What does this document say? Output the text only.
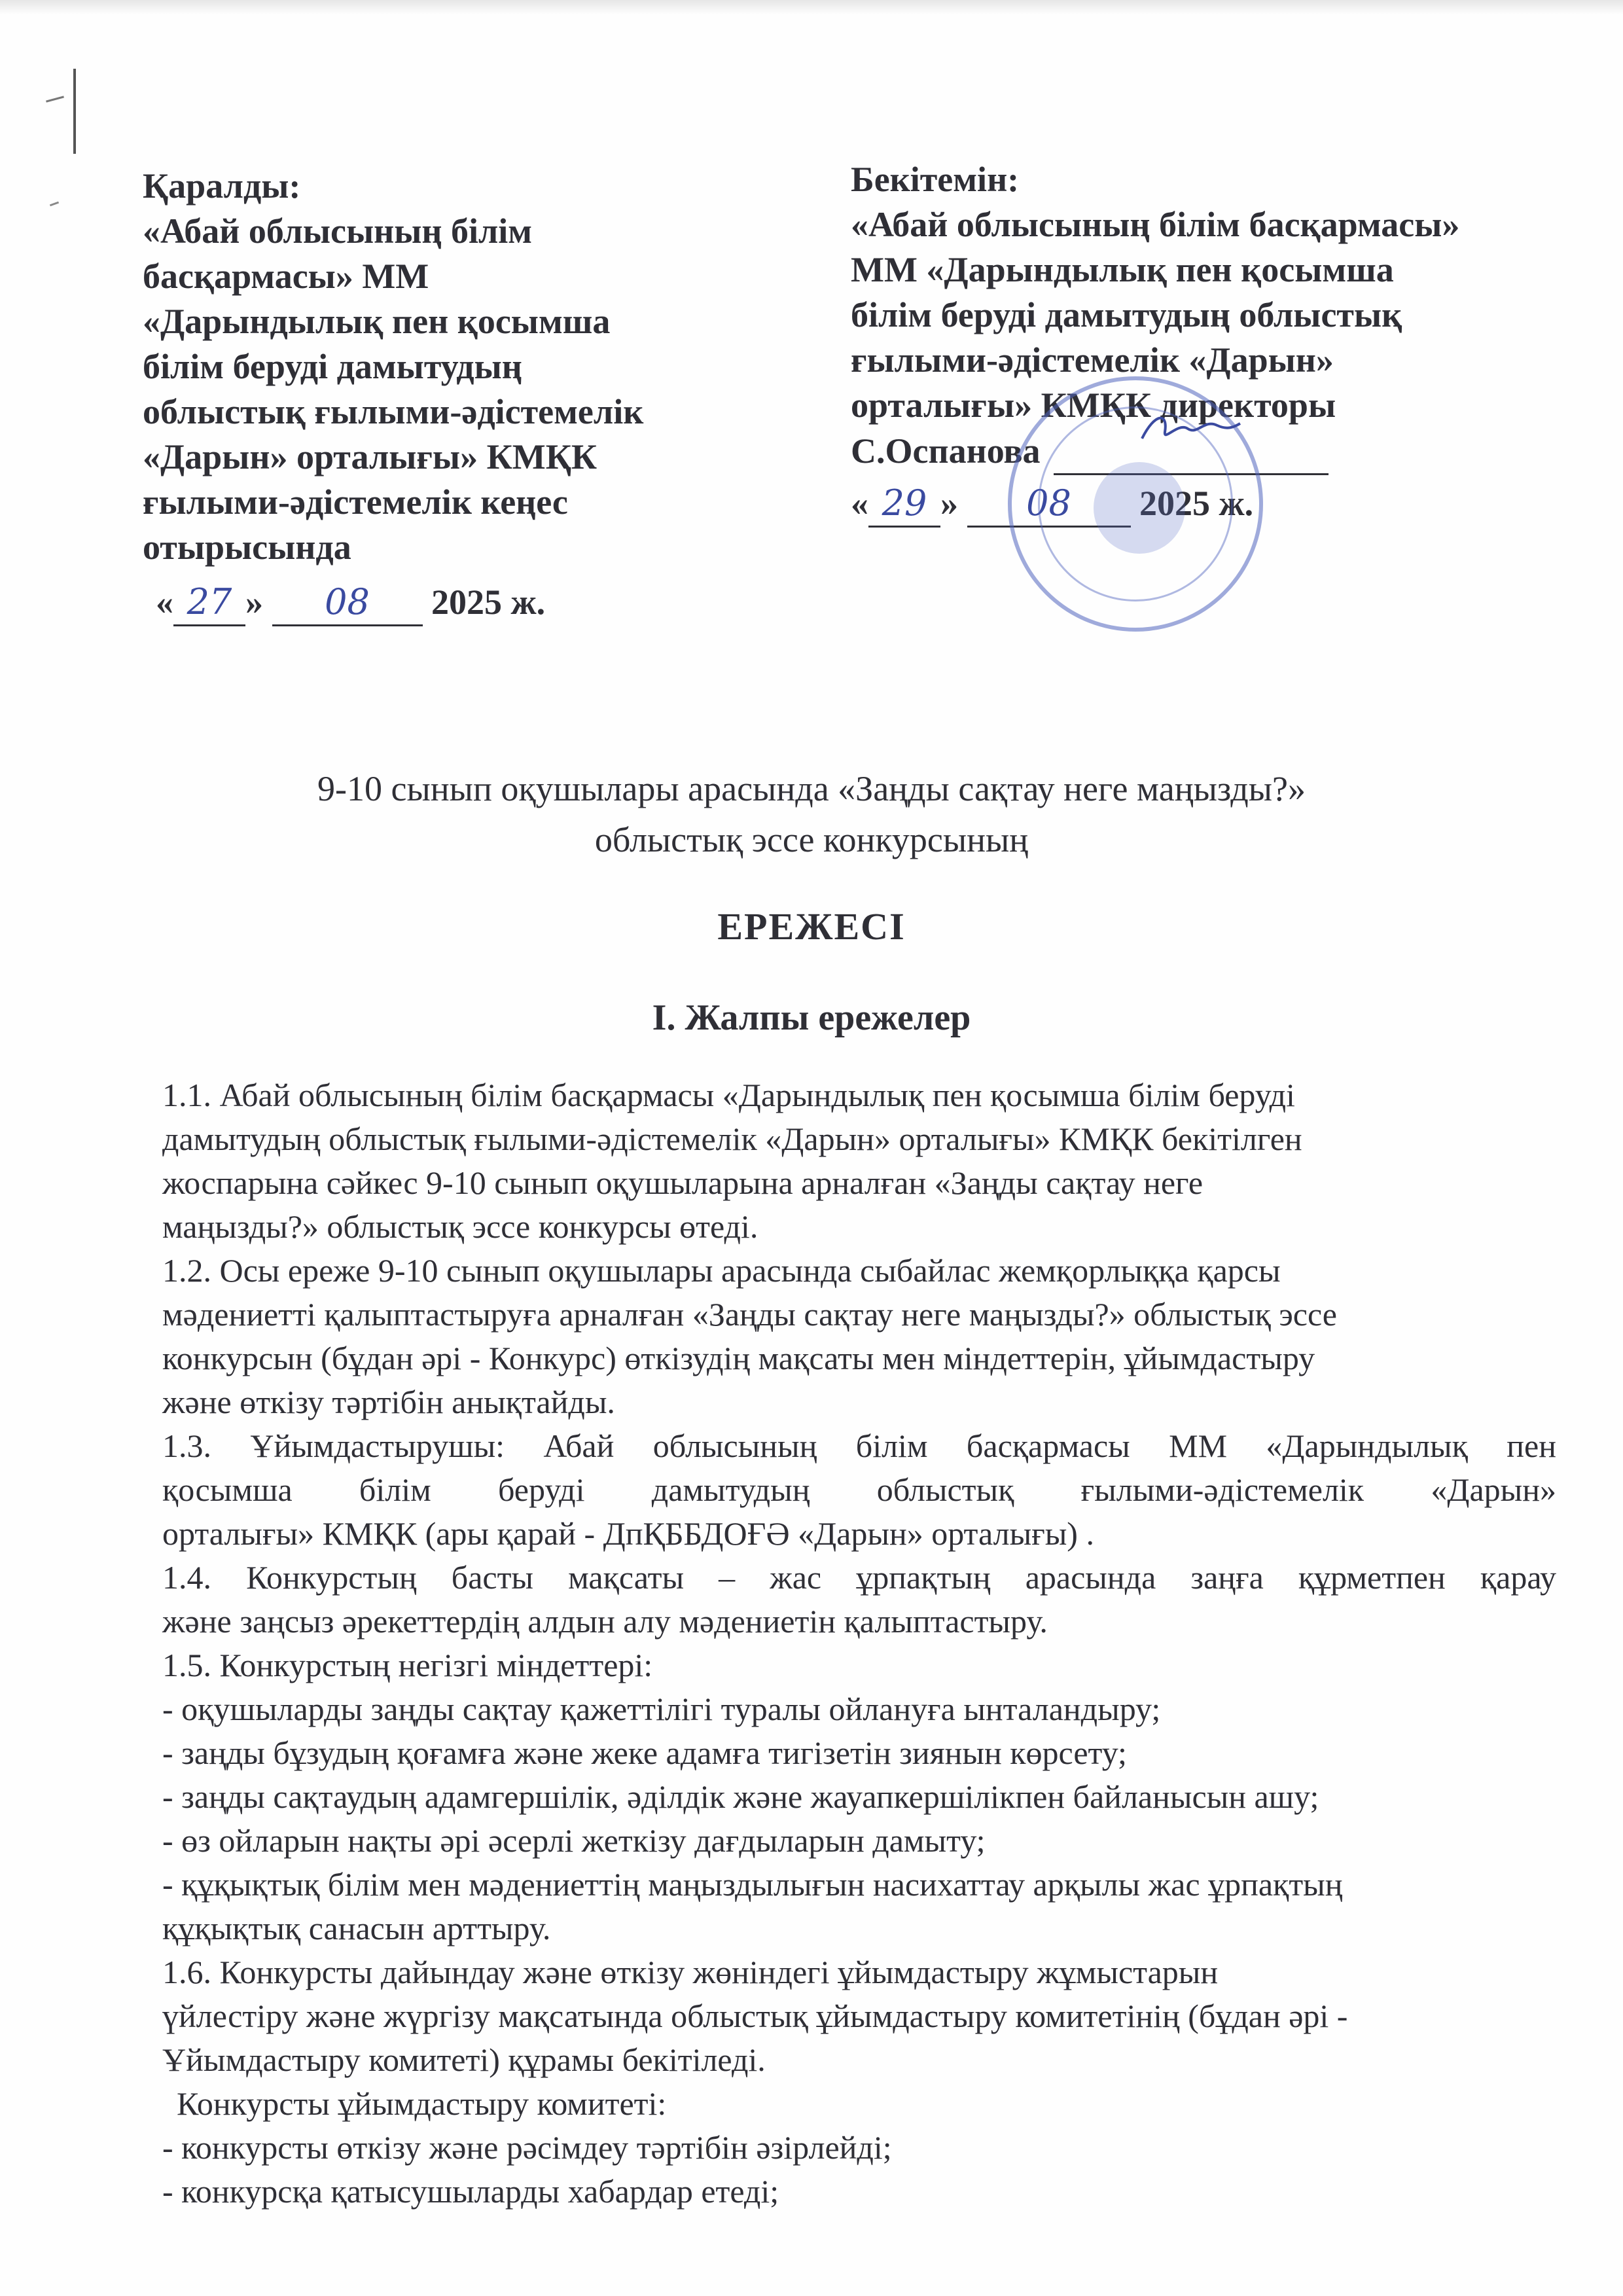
Қаралды:
«Абай облысының білім
басқармасы» ММ
«Дарындылық пен қосымша
білім беруді дамытудың
облыстық ғылыми-әдістемелік
«Дарын» орталығы» КМҚК
ғылыми-әдістемелік кеңес
отырысында
« 27 » 08 2025 ж.
Бекітемін:
«Абай облысының білім басқармасы»
ММ «Дарындылық пен қосымша
білім беруді дамытудың облыстық
ғылыми-әдістемелік «Дарын»
орталығы» КМҚК директоры
С.Оспанова
« 29 » 08 2025 ж.
9-10 сынып оқушылары арасында «Заңды сақтау неге маңызды?»
облыстық эссе конкурсының
ЕРЕЖЕСІ
І. Жалпы ережелер
1.1. Абай облысының білім басқармасы «Дарындылық пен қосымша білім беруді
дамытудың облыстық ғылыми-әдістемелік «Дарын» орталығы» КМҚК бекітілген
жоспарына сәйкес 9-10 сынып оқушыларына арналған «Заңды сақтау неге
маңызды?» облыстық эссе конкурсы өтеді.
1.2. Осы ереже 9-10 сынып оқушылары арасында сыбайлас жемқорлыққа қарсы
мәдениетті қалыптастыруға арналған «Заңды сақтау неге маңызды?» облыстық эссе
конкурсын (бұдан әрі - Конкурс) өткізудің мақсаты мен міндеттерін, ұйымдастыру
және өткізу тәртібін анықтайды.
1.3. Ұйымдастырушы: Абай облысының білім басқармасы ММ «Дарындылық пен
қосымша білім беруді дамытудың облыстық ғылыми-әдістемелік «Дарын»
орталығы» КМҚК (ары қарай - ДпҚББДОҒӘ «Дарын» орталығы) .
1.4. Конкурстың басты мақсаты – жас ұрпақтың арасында заңға құрметпен қарау
және заңсыз әрекеттердің алдын алу мәдениетін қалыптастыру.
1.5. Конкурстың негізгі міндеттері:
- оқушыларды заңды сақтау қажеттілігі туралы ойлануға ынталандыру;
- заңды бұзудың қоғамға және жеке адамға тигізетін зиянын көрсету;
- заңды сақтаудың адамгершілік, әділдік және жауапкершілікпен байланысын ашу;
- өз ойларын нақты әрі әсерлі жеткізу дағдыларын дамыту;
- құқықтық білім мен мәдениеттің маңыздылығын насихаттау арқылы жас ұрпақтың
құқықтық санасын арттыру.
1.6. Конкурсты дайындау және өткізу жөніндегі ұйымдастыру жұмыстарын
үйлестіру және жүргізу мақсатында облыстық ұйымдастыру комитетінің (бұдан әрі -
Ұйымдастыру комитеті) құрамы бекітіледі.
Конкурсты ұйымдастыру комитеті:
- конкурсты өткізу және рәсімдеу тәртібін әзірлейді;
- конкурсқа қатысушыларды хабардар етеді;
